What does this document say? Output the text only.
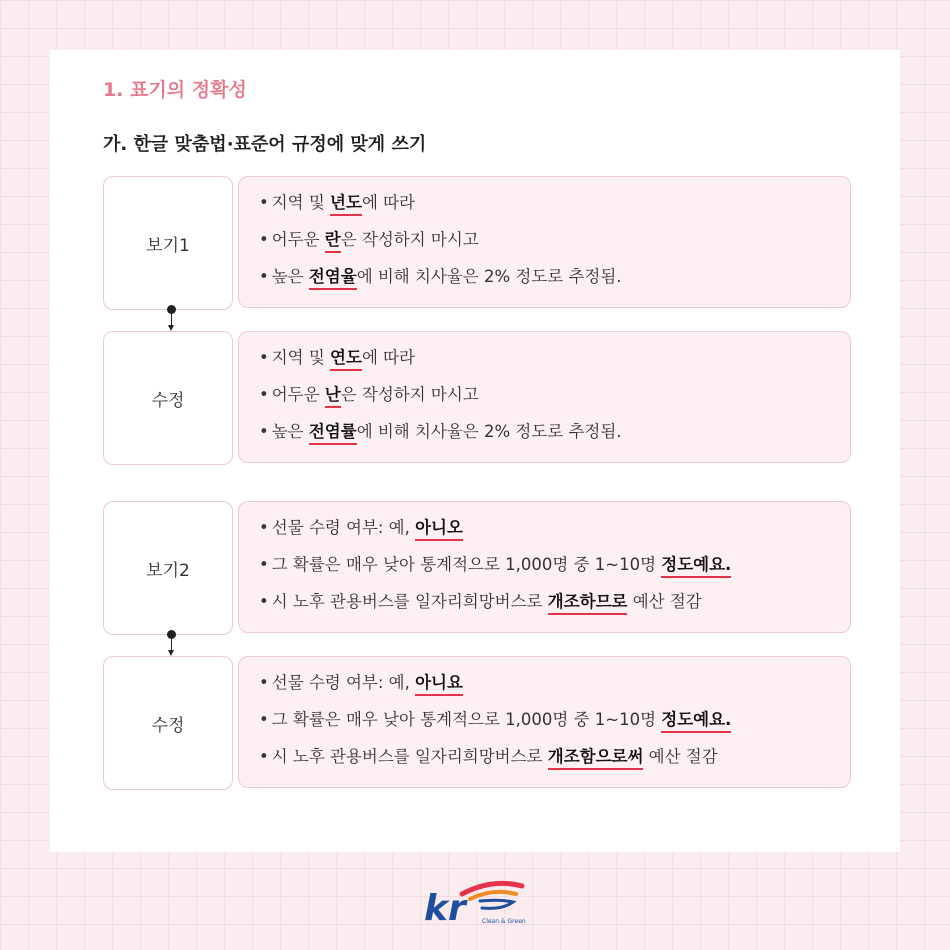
1. 표기의 정확성
가. 한글 맞춤법·표준어 규정에 맞게 쓰기
보기1
• 지역 및 년도에 따라
• 어두운 란은 작성하지 마시고
• 높은 전염율에 비해 치사율은 2% 정도로 추정됨.
수정
• 지역 및 연도에 따라
• 어두운 난은 작성하지 마시고
• 높은 전염률에 비해 치사율은 2% 정도로 추정됨.
보기2
• 선물 수령 여부: 예, 아니오
• 그 확률은 매우 낮아 통계적으로 1,000명 중 1~10명 정도예요.
• 시 노후 관용버스를 일자리희망버스로 개조하므로 예산 절감
수정
• 선물 수령 여부: 예, 아니요
• 그 확률은 매우 낮아 통계적으로 1,000명 중 1~10명 정도예요.
• 시 노후 관용버스를 일자리희망버스로 개조함으로써 예산 절감
kr	Clean & Green
